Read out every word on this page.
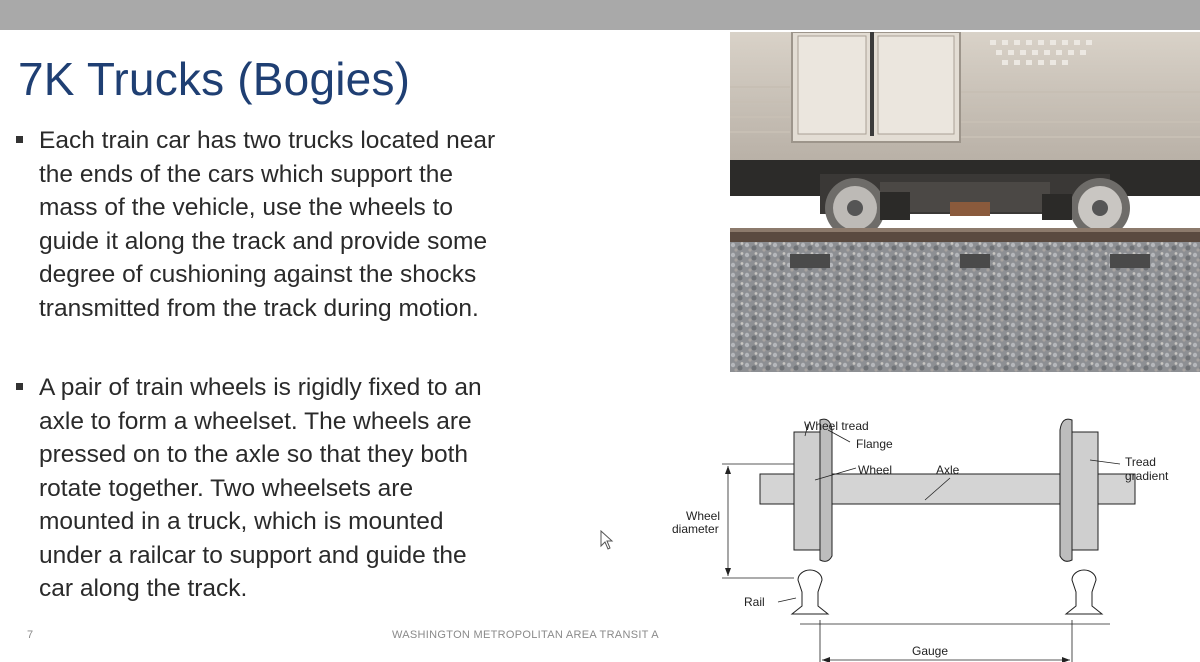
7K Trucks (Bogies)
Each train car has two trucks located near
the ends of the cars which support the
mass of the vehicle, use the wheels to
guide it along the track and provide some
degree of cushioning against the shocks
transmitted from the track during motion.
A pair of train wheels is rigidly fixed to an
axle to form a wheelset. The wheels are
pressed on to the axle so that they both
rotate together. Two wheelsets are
mounted in a truck, which is mounted
under a railcar to support and guide the
car along the track.
Wheel tread
Flange
Wheel	Axle
Tread
gradient
Wheel
diameter
Rail
Gauge
7	WASHINGTON METROPOLITAN AREA TRANSIT A
